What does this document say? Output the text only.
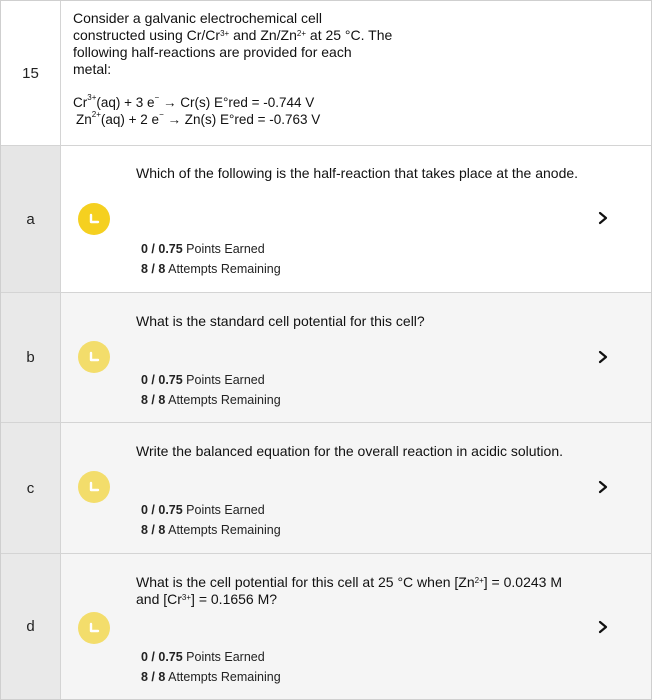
15
Consider a galvanic electrochemical cell constructed using $Cr/Cr^{3+}$ and $Zn/Zn^{2+}$ at 25 °C. The following half-reactions are provided for each metal:
$Cr^{3+}(aq) + 3$ e− → Cr(s) E°red = -0.744 V
$Zn^{2+}(aq) + 2$ e− → Zn(s) E°red = -0.763 V
a
Which of the following is the half-reaction that takes place at the anode.
0 / 0.75 Points Earned
8 / 8 Attempts Remaining
b
What is the standard cell potential for this cell?
0 / 0.75 Points Earned
8 / 8 Attempts Remaining
c
Write the balanced equation for the overall reaction in acidic solution.
0 / 0.75 Points Earned
8 / 8 Attempts Remaining
d
What is the cell potential for this cell at 25 °C when $[Zn^{2+}] = 0.0243$ M and $[Cr^{3+}] = 0.1656$ M?
0 / 0.75 Points Earned
8 / 8 Attempts Remaining
